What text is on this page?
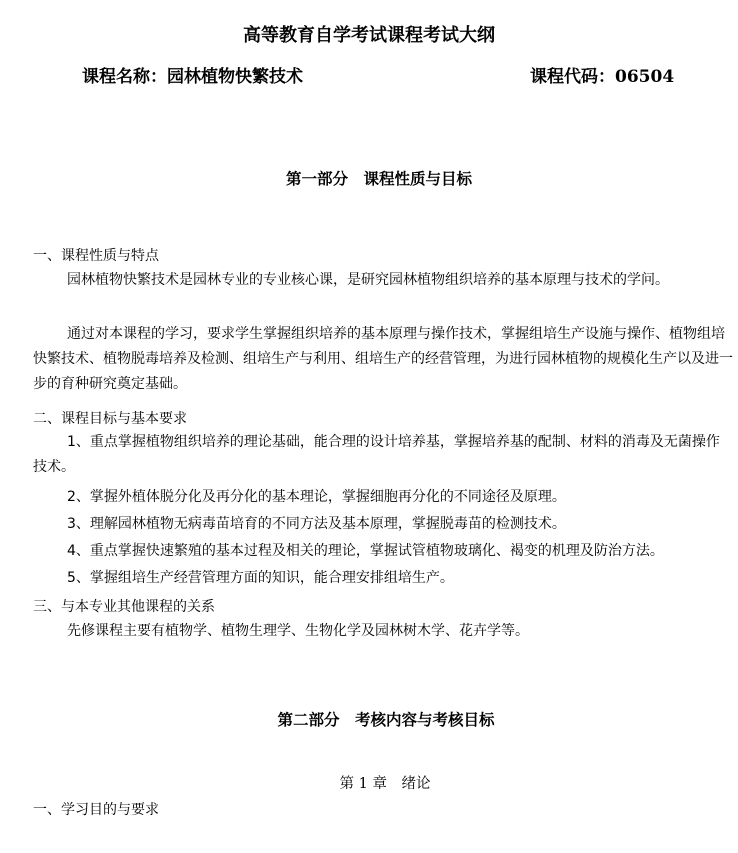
高等教育自学考试课程考试大纲
课程名称：园林植物快繁技术	课程代码：06504
第一部分　课程性质与目标
一、课程性质与特点
园林植物快繁技术是园林专业的专业核心课，是研究园林植物组织培养的基本原理与技术的学问。
通过对本课程的学习，要求学生掌握组织培养的基本原理与操作技术，掌握组培生产设施与操作、植物组培快繁技术、植物脱毒培养及检测、组培生产与利用、组培生产的经营管理，为进行园林植物的规模化生产以及进一步的育种研究奠定基础。
二、课程目标与基本要求
1、重点掌握植物组织培养的理论基础，能合理的设计培养基，掌握培养基的配制、材料的消毒及无菌操作技术。
2、掌握外植体脱分化及再分化的基本理论，掌握细胞再分化的不同途径及原理。
3、理解园林植物无病毒苗培育的不同方法及基本原理，掌握脱毒苗的检测技术。
4、重点掌握快速繁殖的基本过程及相关的理论，掌握试管植物玻璃化、褐变的机理及防治方法。
5、掌握组培生产经营管理方面的知识，能合理安排组培生产。
三、与本专业其他课程的关系
先修课程主要有植物学、植物生理学、生物化学及园林树木学、花卉学等。
第二部分　考核内容与考核目标
第 1 章　绪论
一、学习目的与要求
